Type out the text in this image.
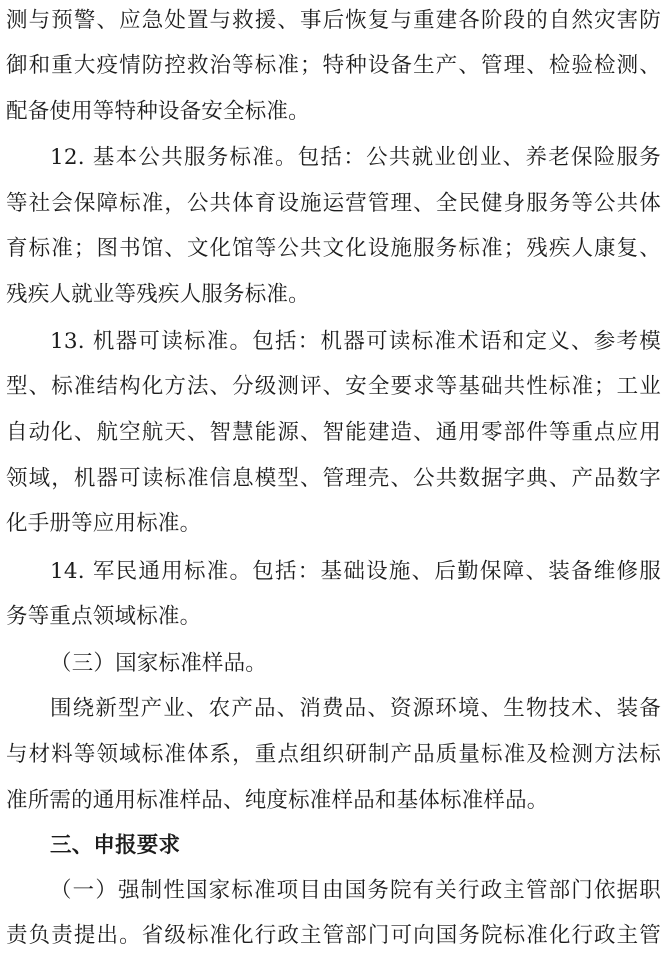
测与预警、应急处置与救援、事后恢复与重建各阶段的自然灾害防
御和重大疫情防控救治等标准；特种设备生产、管理、检验检测、
配备使用等特种设备安全标准。
12. 基本公共服务标准。包括：公共就业创业、养老保险服务
等社会保障标准，公共体育设施运营管理、全民健身服务等公共体
育标准；图书馆、文化馆等公共文化设施服务标准；残疾人康复、
残疾人就业等残疾人服务标准。
13. 机器可读标准。包括：机器可读标准术语和定义、参考模
型、标准结构化方法、分级测评、安全要求等基础共性标准；工业
自动化、航空航天、智慧能源、智能建造、通用零部件等重点应用
领域，机器可读标准信息模型、管理壳、公共数据字典、产品数字
化手册等应用标准。
14. 军民通用标准。包括：基础设施、后勤保障、装备维修服
务等重点领域标准。
（三）国家标准样品。
围绕新型产业、农产品、消费品、资源环境、生物技术、装备
与材料等领域标准体系，重点组织研制产品质量标准及检测方法标
准所需的通用标准样品、纯度标准样品和基体标准样品。
三、申报要求
（一）强制性国家标准项目由国务院有关行政主管部门依据职
责负责提出。省级标准化行政主管部门可向国务院标准化行政主管
